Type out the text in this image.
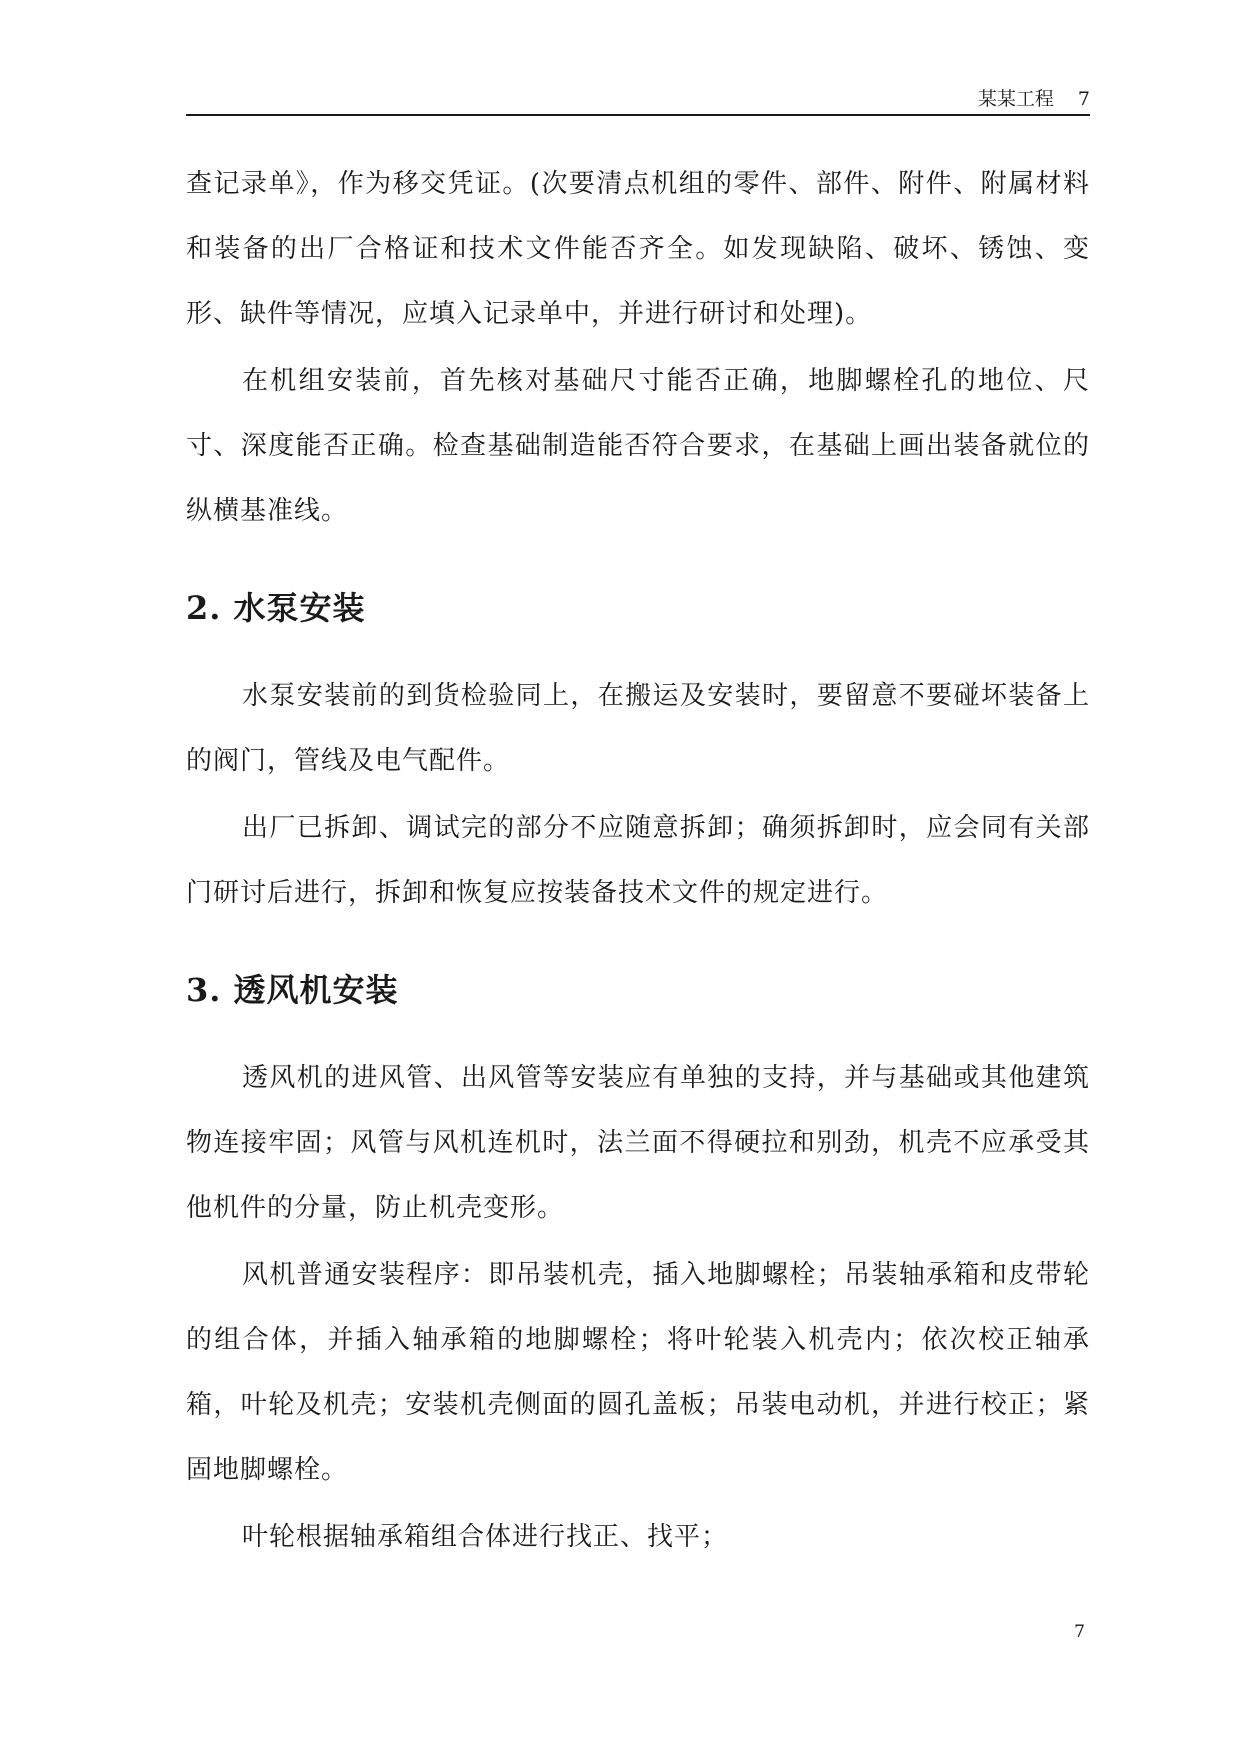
某某工程 7

查记录单》，作为移交凭证。(次要清点机组的零件、部件、附件、附属材料和装备的出厂合格证和技术文件能否齐全。如发现缺陷、破坏、锈蚀、变形、缺件等情况，应填入记录单中，并进行研讨和处理)。

在机组安装前，首先核对基础尺寸能否正确，地脚螺栓孔的地位、尺寸、深度能否正确。检查基础制造能否符合要求，在基础上画出装备就位的纵横基准线。

2. 水泵安装

水泵安装前的到货检验同上，在搬运及安装时，要留意不要碰坏装备上的阀门，管线及电气配件。

出厂已拆卸、调试完的部分不应随意拆卸；确须拆卸时，应会同有关部门研讨后进行，拆卸和恢复应按装备技术文件的规定进行。

3. 透风机安装

透风机的进风管、出风管等安装应有单独的支持，并与基础或其他建筑物连接牢固；风管与风机连机时，法兰面不得硬拉和别劲，机壳不应承受其他机件的分量，防止机壳变形。

风机普通安装程序：即吊装机壳，插入地脚螺栓；吊装轴承箱和皮带轮的组合体，并插入轴承箱的地脚螺栓；将叶轮装入机壳内；依次校正轴承箱，叶轮及机壳；安装机壳侧面的圆孔盖板；吊装电动机，并进行校正；紧固地脚螺栓。

叶轮根据轴承箱组合体进行找正、找平；

7
